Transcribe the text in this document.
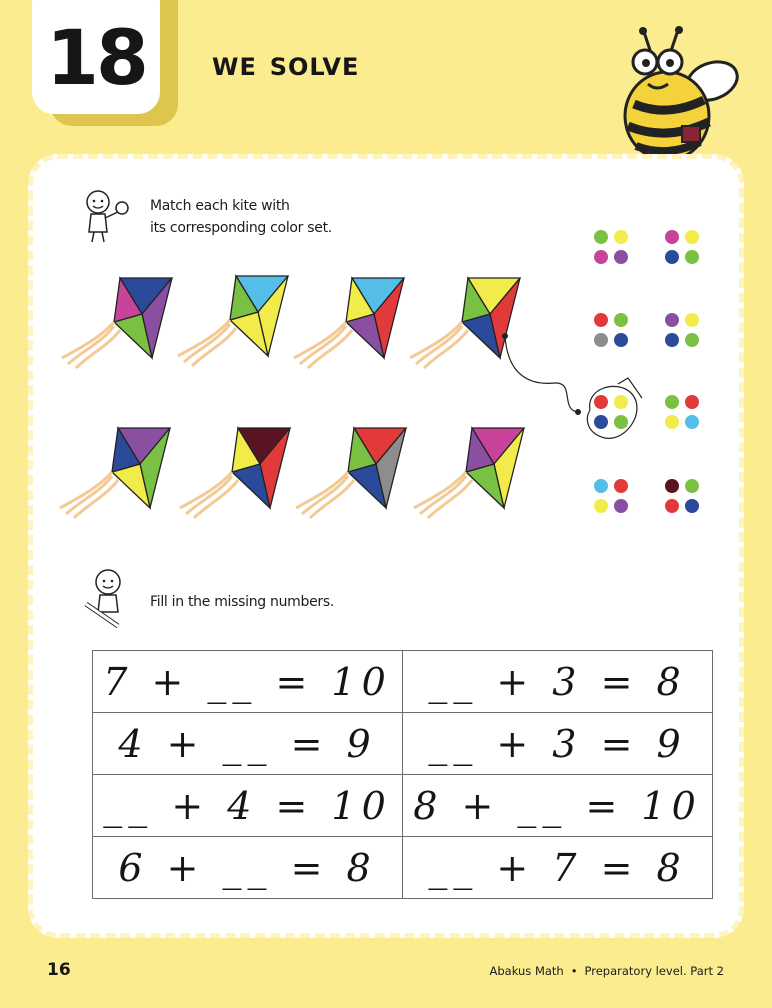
18 we solve
Match each kite with
its corresponding color set.
Fill in the missing numbers.
7 + __ = 10	__ + 3 = 8
4 + __ = 9	__ + 3 = 9
__ + 4 = 10	8 + __ = 10
6 + __ = 8	__ + 7 = 8
16	Abakus Math • Preparatory level. Part 2
